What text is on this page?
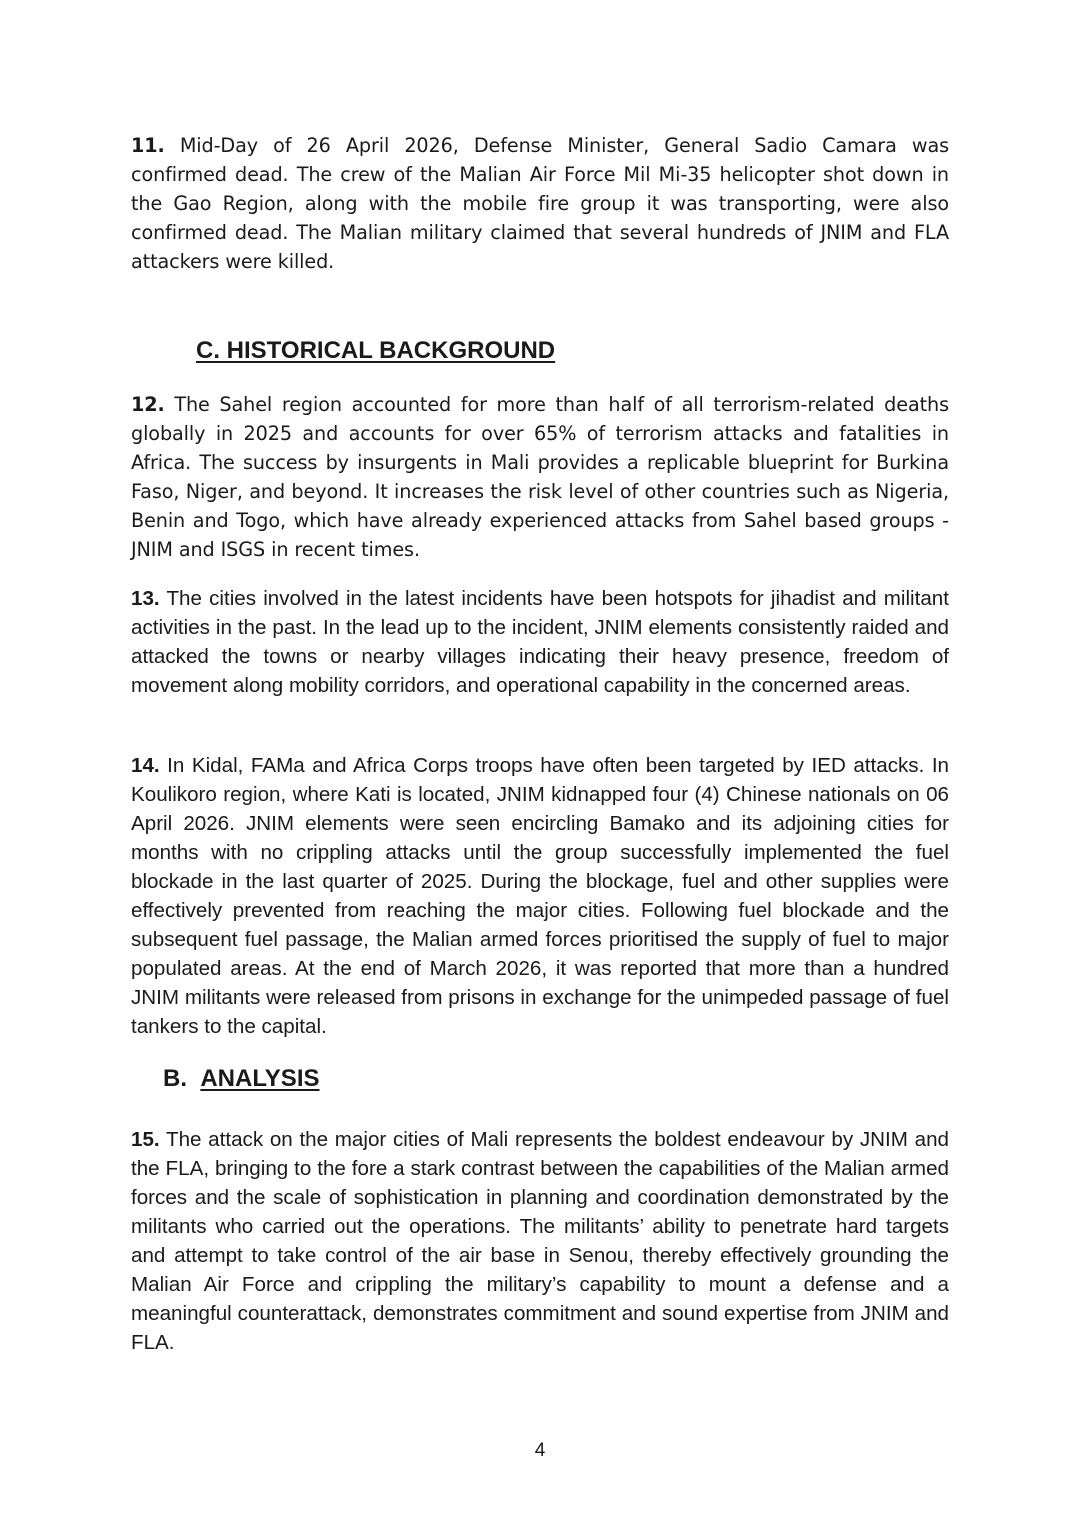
11. Mid-Day of 26 April 2026, Defense Minister, General Sadio Camara was confirmed dead. The crew of the Malian Air Force Mil Mi-35 helicopter shot down in the Gao Region, along with the mobile fire group it was transporting, were also confirmed dead. The Malian military claimed that several hundreds of JNIM and FLA attackers were killed.

C. HISTORICAL BACKGROUND

12. The Sahel region accounted for more than half of all terrorism-related deaths globally in 2025 and accounts for over 65% of terrorism attacks and fatalities in Africa. The success by insurgents in Mali provides a replicable blueprint for Burkina Faso, Niger, and beyond. It increases the risk level of other countries such as Nigeria, Benin and Togo, which have already experienced attacks from Sahel based groups - JNIM and ISGS in recent times.

13. The cities involved in the latest incidents have been hotspots for jihadist and militant activities in the past. In the lead up to the incident, JNIM elements consistently raided and attacked the towns or nearby villages indicating their heavy presence, freedom of movement along mobility corridors, and operational capability in the concerned areas.

14. In Kidal, FAMa and Africa Corps troops have often been targeted by IED attacks. In Koulikoro region, where Kati is located, JNIM kidnapped four (4) Chinese nationals on 06 April 2026. JNIM elements were seen encircling Bamako and its adjoining cities for months with no crippling attacks until the group successfully implemented the fuel blockade in the last quarter of 2025. During the blockage, fuel and other supplies were effectively prevented from reaching the major cities. Following fuel blockade and the subsequent fuel passage, the Malian armed forces prioritised the supply of fuel to major populated areas. At the end of March 2026, it was reported that more than a hundred JNIM militants were released from prisons in exchange for the unimpeded passage of fuel tankers to the capital.

B. ANALYSIS

15. The attack on the major cities of Mali represents the boldest endeavour by JNIM and the FLA, bringing to the fore a stark contrast between the capabilities of the Malian armed forces and the scale of sophistication in planning and coordination demonstrated by the militants who carried out the operations. The militants’ ability to penetrate hard targets and attempt to take control of the air base in Senou, thereby effectively grounding the Malian Air Force and crippling the military’s capability to mount a defense and a meaningful counterattack, demonstrates commitment and sound expertise from JNIM and FLA.

4
